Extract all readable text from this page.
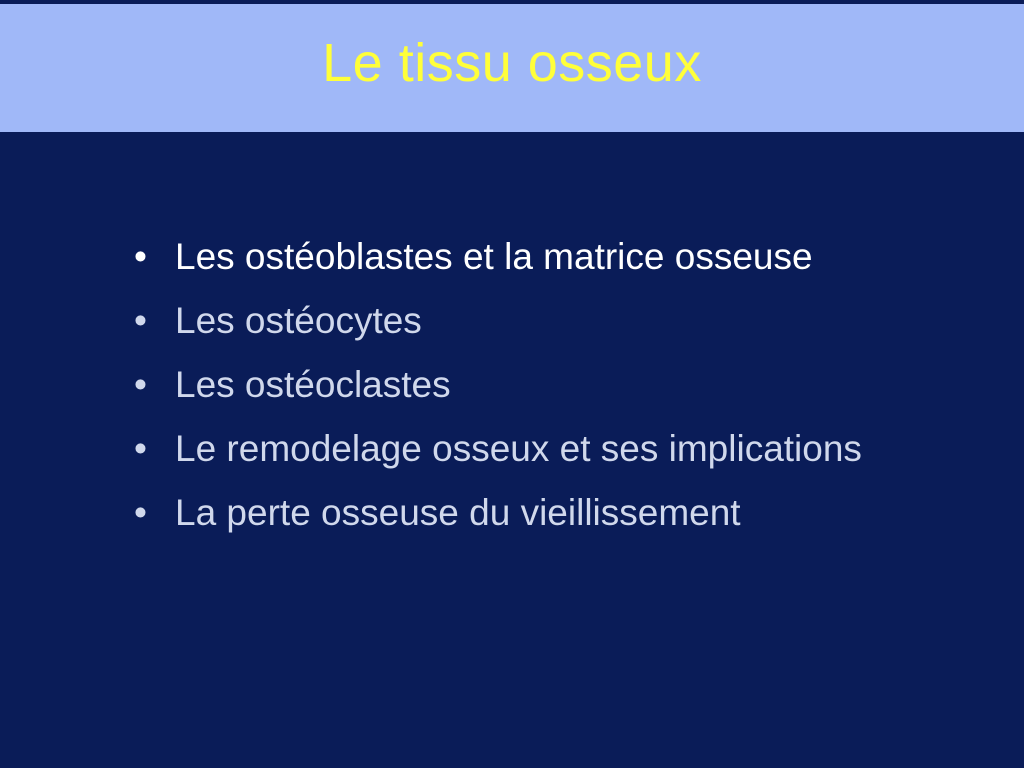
Le tissu osseux
• Les ostéoblastes et la matrice osseuse
• Les ostéocytes
• Les ostéoclastes
• Le remodelage osseux et ses implications
• La perte osseuse du vieillissement
